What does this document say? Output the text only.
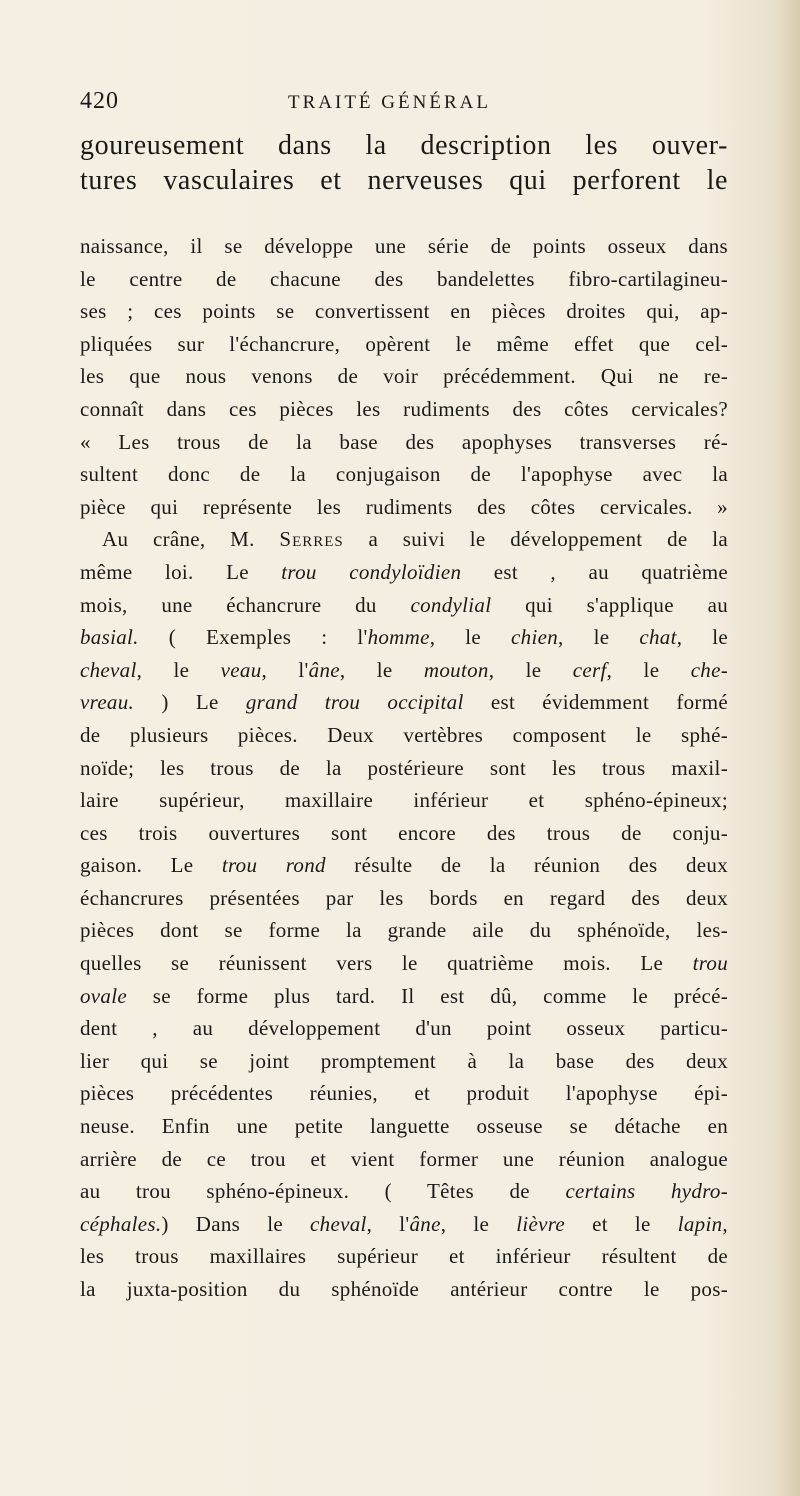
420	TRAITÉ GÉNÉRAL
goureusement dans la description les ouver-
tures vasculaires et nerveuses qui perforent le
naissance, il se développe une série de points osseux dans
le centre de chacune des bandelettes fibro-cartilagineu-
ses ; ces points se convertissent en pièces droites qui, ap-
pliquées sur l'échancrure, opèrent le même effet que cel-
les que nous venons de voir précédemment. Qui ne re-
connaît dans ces pièces les rudiments des côtes cervicales?
« Les trous de la base des apophyses transverses ré-
sultent donc de la conjugaison de l'apophyse avec la
pièce qui représente les rudiments des côtes cervicales. »
Au crâne, M. Serres a suivi le développement de la
même loi. Le trou condyloïdien est , au quatrième
mois, une échancrure du condylial qui s'applique au
basial. ( Exemples : l'homme, le chien, le chat, le
cheval, le veau, l'âne, le mouton, le cerf, le che-
vreau. ) Le grand trou occipital est évidemment formé
de plusieurs pièces. Deux vertèbres composent le sphé-
noïde; les trous de la postérieure sont les trous maxil-
laire supérieur, maxillaire inférieur et sphéno-épineux;
ces trois ouvertures sont encore des trous de conju-
gaison. Le trou rond résulte de la réunion des deux
échancrures présentées par les bords en regard des deux
pièces dont se forme la grande aile du sphénoïde, les-
quelles se réunissent vers le quatrième mois. Le trou
ovale se forme plus tard. Il est dû, comme le précé-
dent , au développement d'un point osseux particu-
lier qui se joint promptement à la base des deux
pièces précédentes réunies, et produit l'apophyse épi-
neuse. Enfin une petite languette osseuse se détache en
arrière de ce trou et vient former une réunion analogue
au trou sphéno-épineux. ( Têtes de certains hydro-
céphales.) Dans le cheval, l'âne, le lièvre et le lapin,
les trous maxillaires supérieur et inférieur résultent de
la juxta-position du sphénoïde antérieur contre le pos-
